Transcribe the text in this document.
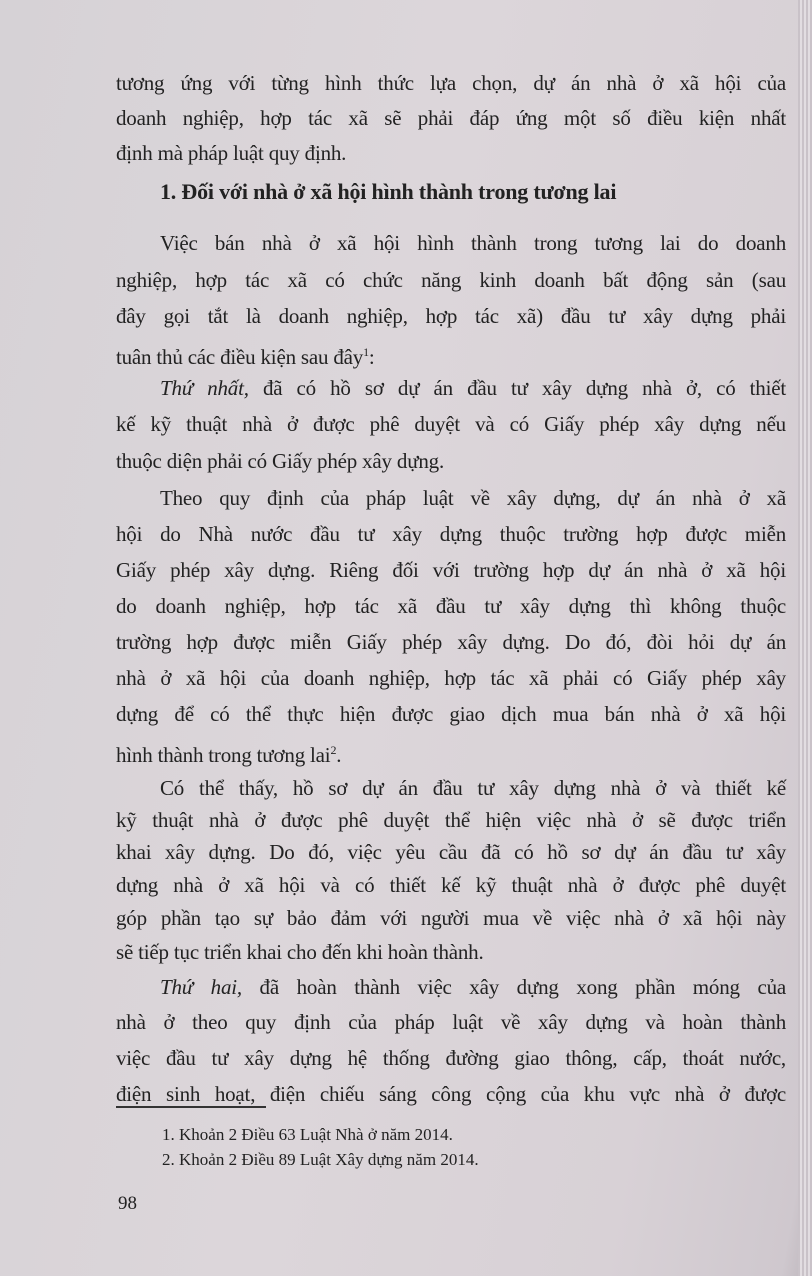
tương ứng với từng hình thức lựa chọn, dự án nhà ở xã hội của
doanh nghiệp, hợp tác xã sẽ phải đáp ứng một số điều kiện nhất
định mà pháp luật quy định.
1. Đối với nhà ở xã hội hình thành trong tương lai
Việc bán nhà ở xã hội hình thành trong tương lai do doanh
nghiệp, hợp tác xã có chức năng kinh doanh bất động sản (sau
đây gọi tắt là doanh nghiệp, hợp tác xã) đầu tư xây dựng phải
tuân thủ các điều kiện sau đây$^1$:
Thứ nhất, đã có hồ sơ dự án đầu tư xây dựng nhà ở, có thiết
kế kỹ thuật nhà ở được phê duyệt và có Giấy phép xây dựng nếu
thuộc diện phải có Giấy phép xây dựng.
Theo quy định của pháp luật về xây dựng, dự án nhà ở xã
hội do Nhà nước đầu tư xây dựng thuộc trường hợp được miễn
Giấy phép xây dựng. Riêng đối với trường hợp dự án nhà ở xã hội
do doanh nghiệp, hợp tác xã đầu tư xây dựng thì không thuộc
trường hợp được miễn Giấy phép xây dựng. Do đó, đòi hỏi dự án
nhà ở xã hội của doanh nghiệp, hợp tác xã phải có Giấy phép xây
dựng để có thể thực hiện được giao dịch mua bán nhà ở xã hội
hình thành trong tương lai$^2$.
Có thể thấy, hồ sơ dự án đầu tư xây dựng nhà ở và thiết kế
kỹ thuật nhà ở được phê duyệt thể hiện việc nhà ở sẽ được triển
khai xây dựng. Do đó, việc yêu cầu đã có hồ sơ dự án đầu tư xây
dựng nhà ở xã hội và có thiết kế kỹ thuật nhà ở được phê duyệt
góp phần tạo sự bảo đảm với người mua về việc nhà ở xã hội này
sẽ tiếp tục triển khai cho đến khi hoàn thành.
Thứ hai, đã hoàn thành việc xây dựng xong phần móng của
nhà ở theo quy định của pháp luật về xây dựng và hoàn thành
việc đầu tư xây dựng hệ thống đường giao thông, cấp, thoát nước,
điện sinh hoạt, điện chiếu sáng công cộng của khu vực nhà ở được
1. Khoản 2 Điều 63 Luật Nhà ở năm 2014.
2. Khoản 2 Điều 89 Luật Xây dựng năm 2014.
98
